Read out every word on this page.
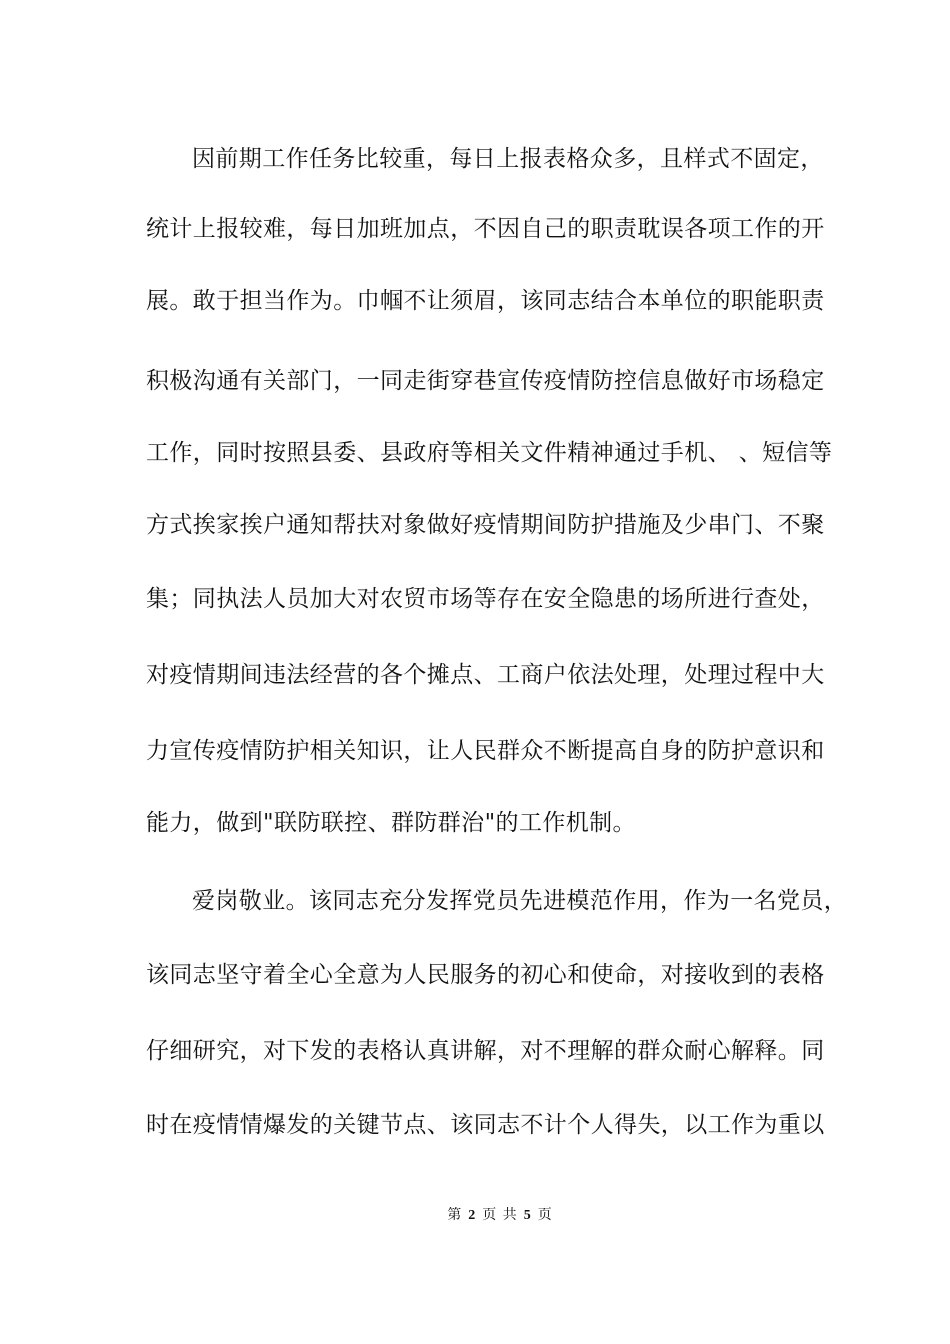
因前期工作任务比较重，每日上报表格众多，且样式不固定，
统计上报较难，每日加班加点，不因自己的职责耽误各项工作的开
展。敢于担当作为。巾帼不让须眉，该同志结合本单位的职能职责
积极沟通有关部门，一同走街穿巷宣传疫情防控信息做好市场稳定
工作，同时按照县委、县政府等相关文件精神通过手机、 、短信等
方式挨家挨户通知帮扶对象做好疫情期间防护措施及少串门、不聚
集；同执法人员加大对农贸市场等存在安全隐患的场所进行查处，
对疫情期间违法经营的各个摊点、工商户依法处理，处理过程中大
力宣传疫情防护相关知识，让人民群众不断提高自身的防护意识和
能力，做到"联防联控、群防群治"的工作机制。
爱岗敬业。该同志充分发挥党员先进模范作用，作为一名党员，
该同志坚守着全心全意为人民服务的初心和使命，对接收到的表格
仔细研究，对下发的表格认真讲解，对不理解的群众耐心解释。同
时在疫情情爆发的关键节点、该同志不计个人得失，以工作为重以
第 2 页 共 5 页
